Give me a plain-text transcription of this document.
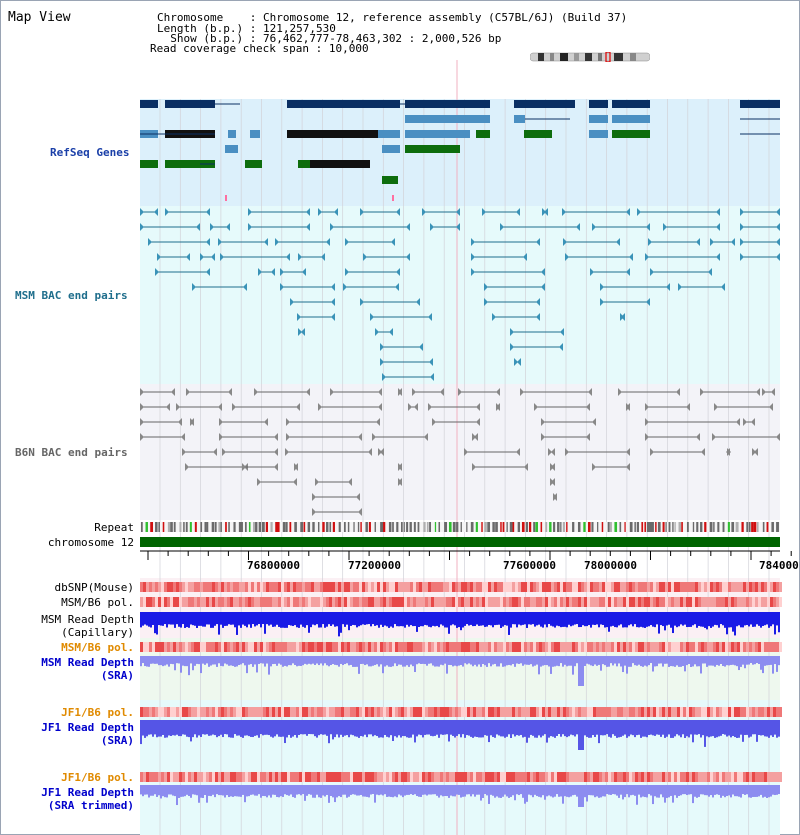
Map View	Chromosome    : Chromosome 12, reference assembly (C57BL/6J) (Build 37)
Length (b.p.) : 121,257,530
Show (b.p.) : 76,462,777-78,463,302 : 2,000,526 bp
Read coverage check span : 10,000
76800000	77200000	77600000	78000000	784000
RefSeq Genes
MSM BAC end pairs
B6N BAC end pairs
Repeat
chromosome 12
dbSNP(Mouse)
MSM/B6 pol.
MSM Read Depth
(Capillary)
MSM/B6 pol.
MSM Read Depth
(SRA)
JF1/B6 pol.
JF1 Read Depth
(SRA)
JF1/B6 pol.
JF1 Read Depth
(SRA trimmed)
